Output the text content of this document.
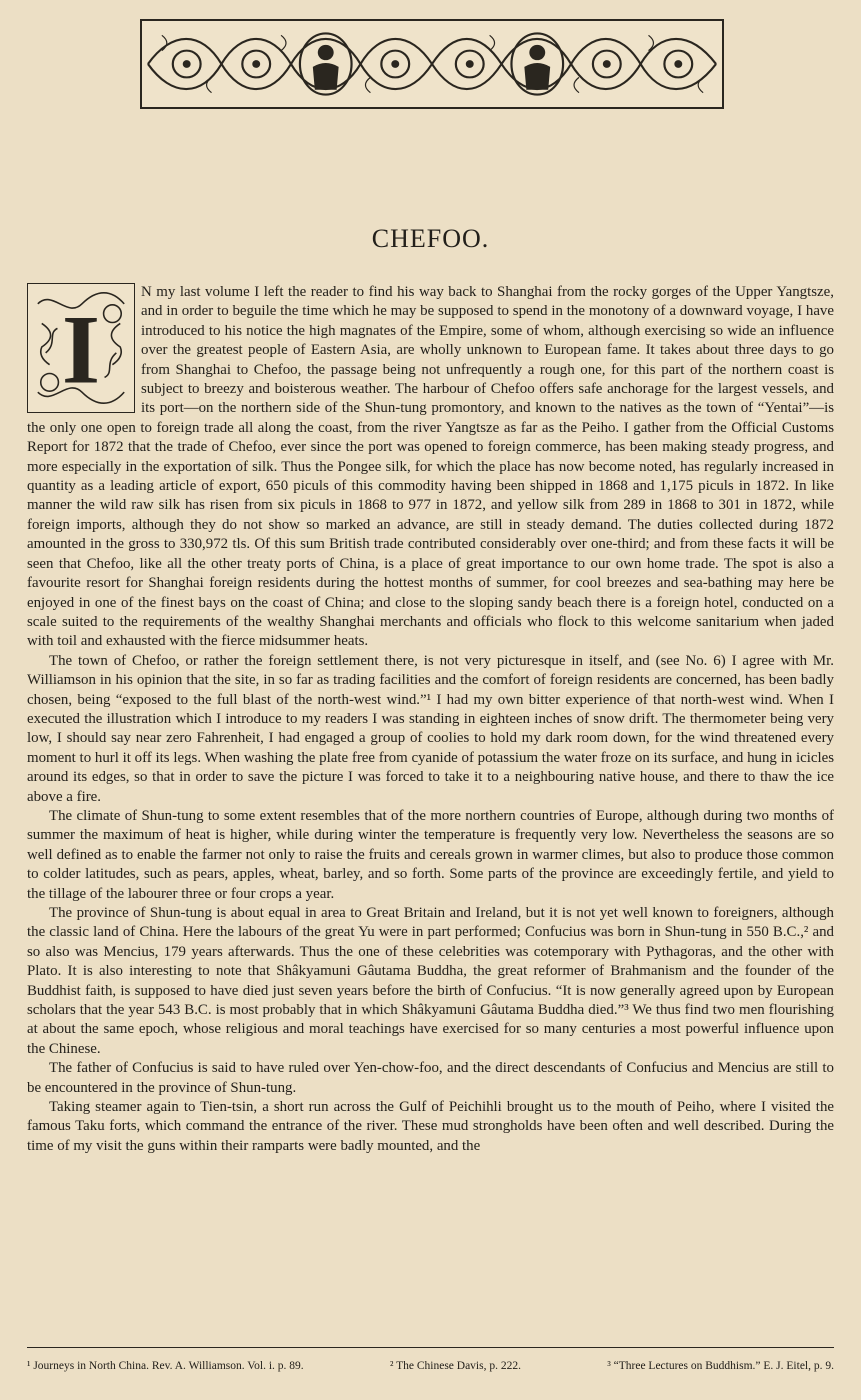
CHEFOO.
I

N my last volume I left the reader to find his way back to Shanghai from the rocky gorges of the Upper Yangtsze, and in order to beguile the time which he may be supposed to spend in the monotony of a downward voyage, I have introduced to his notice the high magnates of the Empire, some of whom, although exercising so wide an influence over the greatest people of Eastern Asia, are wholly unknown to European fame. It takes about three days to go from Shanghai to Chefoo, the passage being not unfrequently a rough one, for this part of the northern coast is subject to breezy and boisterous weather. The harbour of Chefoo offers safe anchorage for the largest vessels, and its port—on the northern side of the Shun-tung promontory, and known to the natives as the town of “Yentai”—is the only one open to foreign trade all along the coast, from the river Yangtsze as far as the Peiho. I gather from the Official Customs Report for 1872 that the trade of Chefoo, ever since the port was opened to foreign commerce, has been making steady progress, and more especially in the exportation of silk. Thus the Pongee silk, for which the place has now become noted, has regularly increased in quantity as a leading article of export, 650 piculs of this commodity having been shipped in 1868 and 1,175 piculs in 1872. In like manner the wild raw silk has risen from six piculs in 1868 to 977 in 1872, and yellow silk from 289 in 1868 to 301 in 1872, while foreign imports, although they do not show so marked an advance, are still in steady demand. The duties collected during 1872 amounted in the gross to 330,972 tls. Of this sum British trade contributed considerably over one-third; and from these facts it will be seen that Chefoo, like all the other treaty ports of China, is a place of great importance to our own home trade. The spot is also a favourite resort for Shanghai foreign residents during the hottest months of summer, for cool breezes and sea-bathing may here be enjoyed in one of the finest bays on the coast of China; and close to the sloping sandy beach there is a foreign hotel, conducted on a scale suited to the requirements of the wealthy Shanghai merchants and officials who flock to this welcome sanitarium when jaded with toil and exhausted with the fierce midsummer heats.

The town of Chefoo, or rather the foreign settlement there, is not very picturesque in itself, and (see No. 6) I agree with Mr. Williamson in his opinion that the site, in so far as trading facilities and the comfort of foreign residents are concerned, has been badly chosen, being “exposed to the full blast of the north-west wind.”¹ I had my own bitter experience of that north-west wind. When I executed the illustration which I introduce to my readers I was standing in eighteen inches of snow drift. The thermometer being very low, I should say near zero Fahrenheit, I had engaged a group of coolies to hold my dark room down, for the wind threatened every moment to hurl it off its legs. When washing the plate free from cyanide of potassium the water froze on its surface, and hung in icicles around its edges, so that in order to save the picture I was forced to take it to a neighbouring native house, and there to thaw the ice above a fire.

The climate of Shun-tung to some extent resembles that of the more northern countries of Europe, although during two months of summer the maximum of heat is higher, while during winter the temperature is frequently very low. Nevertheless the seasons are so well defined as to enable the farmer not only to raise the fruits and cereals grown in warmer climes, but also to produce those common to colder latitudes, such as pears, apples, wheat, barley, and so forth. Some parts of the province are exceedingly fertile, and yield to the tillage of the labourer three or four crops a year.

The province of Shun-tung is about equal in area to Great Britain and Ireland, but it is not yet well known to foreigners, although the classic land of China. Here the labours of the great Yu were in part performed; Confucius was born in Shun-tung in 550 B.C.,² and so also was Mencius, 179 years afterwards. Thus the one of these celebrities was cotemporary with Pythagoras, and the other with Plato. It is also interesting to note that Shâkyamuni Gâutama Buddha, the great reformer of Brahmanism and the founder of the Buddhist faith, is supposed to have died just seven years before the birth of Confucius. “It is now generally agreed upon by European scholars that the year 543 B.C. is most probably that in which Shâkyamuni Gâutama Buddha died.”³ We thus find two men flourishing at about the same epoch, whose religious and moral teachings have exercised for so many centuries a most powerful influence upon the Chinese.

The father of Confucius is said to have ruled over Yen-chow-foo, and the direct descendants of Confucius and Mencius are still to be encountered in the province of Shun-tung.

Taking steamer again to Tien-tsin, a short run across the Gulf of Peichihli brought us to the mouth of Peiho, where I visited the famous Taku forts, which command the entrance of the river. These mud strongholds have been often and well described. During the time of my visit the guns within their ramparts were badly mounted, and the

¹ Journeys in North China. Rev. A. Williamson. Vol. i. p. 89.	² The Chinese Davis, p. 222.	³ “Three Lectures on Buddhism.” E. J. Eitel, p. 9.
